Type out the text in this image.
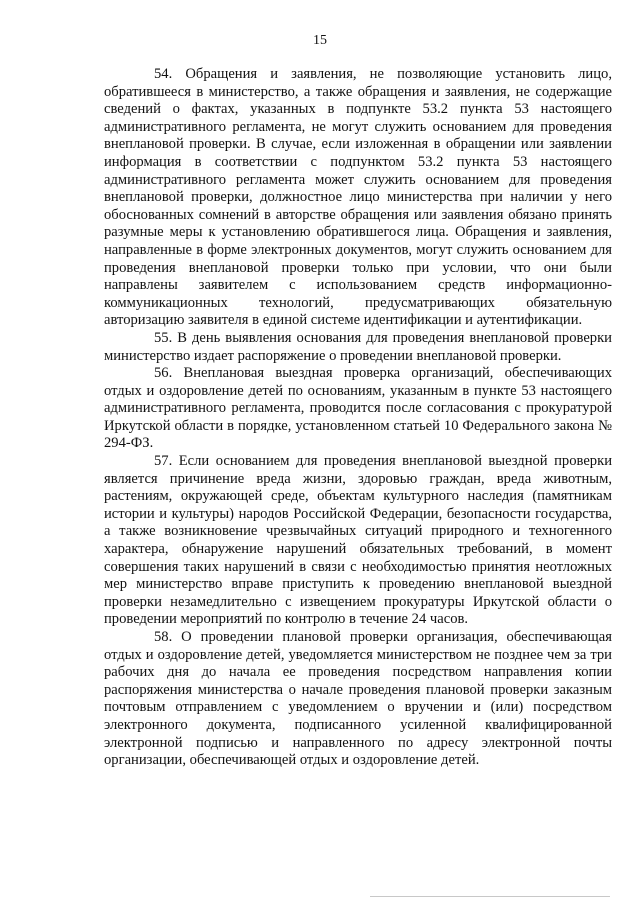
15

54. Обращения и заявления, не позволяющие установить лицо, обратившееся в министерство, а также обращения и заявления, не содержащие сведений о фактах, указанных в подпункте 53.2 пункта 53 настоящего административного регламента, не могут служить основанием для проведения внеплановой проверки. В случае, если изложенная в обращении или заявлении информация в соответствии с подпунктом 53.2 пункта 53 настоящего административного регламента может служить основанием для проведения внеплановой проверки, должностное лицо министерства при наличии у него обоснованных сомнений в авторстве обращения или заявления обязано принять разумные меры к установлению обратившегося лица. Обращения и заявления, направленные в форме электронных документов, могут служить основанием для проведения внеплановой проверки только при условии, что они были направлены заявителем с использованием средств информационно-коммуникационных технологий, предусматривающих обязательную авторизацию заявителя в единой системе идентификации и аутентификации.

55. В день выявления основания для проведения внеплановой проверки министерство издает распоряжение о проведении внеплановой проверки.

56. Внеплановая выездная проверка организаций, обеспечивающих отдых и оздоровление детей по основаниям, указанным в пункте 53 настоящего административного регламента, проводится после согласования с прокуратурой Иркутской области в порядке, установленном статьей 10 Федерального закона № 294-ФЗ.

57. Если основанием для проведения внеплановой выездной проверки является причинение вреда жизни, здоровью граждан, вреда животным, растениям, окружающей среде, объектам культурного наследия (памятникам истории и культуры) народов Российской Федерации, безопасности государства, а также возникновение чрезвычайных ситуаций природного и техногенного характера, обнаружение нарушений обязательных требований, в момент совершения таких нарушений в связи с необходимостью принятия неотложных мер министерство вправе приступить к проведению внеплановой выездной проверки незамедлительно с извещением прокуратуры Иркутской области о проведении мероприятий по контролю в течение 24 часов.

58. О проведении плановой проверки организация, обеспечивающая отдых и оздоровление детей, уведомляется министерством не позднее чем за три рабочих дня до начала ее проведения посредством направления копии распоряжения министерства о начале проведения плановой проверки заказным почтовым отправлением с уведомлением о вручении и (или) посредством электронного документа, подписанного усиленной квалифицированной электронной подписью и направленного по адресу электронной почты организации, обеспечивающей отдых и оздоровление детей.
